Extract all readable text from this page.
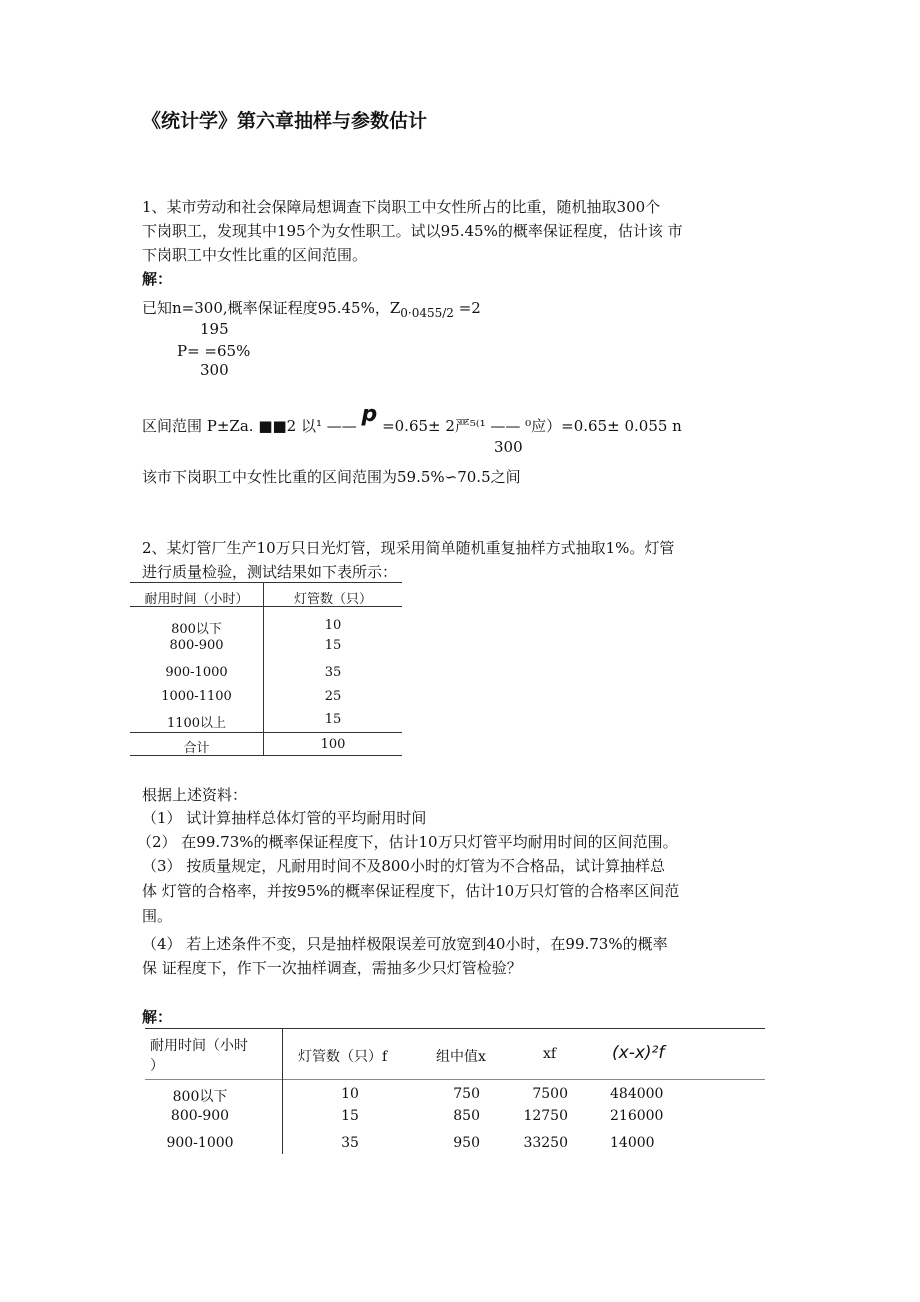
《统计学》第六章抽样与参数估计
1、某市劳动和社会保障局想调查下岗职工中女性所占的比重，随机抽取300个
下岗职工，发现其中195个为女性职工。试以95.45%的概率保证程度，估计该 市
下岗职工中女性比重的区间范围。
解：
已知n=300,概率保证程度95.45%，$Z_{0\cdot 0455/2} =2$
195
P= =65%
300
区间范围 P±Za. ■■2 以¹ —— p =0.65± 2严⁵⁽¹ —— ⁰应）=0.65± 0.055 n
300
该市下岗职工中女性比重的区间范围为59.5%∽70.5之间
2、某灯管厂生产10万只日光灯管，现采用简单随机重复抽样方式抽取1%。灯管
进行质量检验，测试结果如下表所示：
耐用时间（小时）	灯管数（只）
800以下	10
800-900	15
900-1000	35
1000-1100	25
1100以上	15
合计	100
根据上述资料：
（1） 试计算抽样总体灯管的平均耐用时间
（2） 在99.73%的概率保证程度下，估计10万只灯管平均耐用时间的区间范围。
（3） 按质量规定，凡耐用时间不及800小时的灯管为不合格品，试计算抽样总
体 灯管的合格率，并按95%的概率保证程度下，估计10万只灯管的合格率区间范
围。
（4） 若上述条件不变，只是抽样极限误差可放宽到40小时，在99.73%的概率
保 证程度下，作下一次抽样调查，需抽多少只灯管检验？
解：
耐用时间（小时
）
灯管数（只）f	组中值x	xf	(x-x)²f
800以下	10	750	7500	484000
800-900	15	850	12750	216000
900-1000	35	950	33250	14000
